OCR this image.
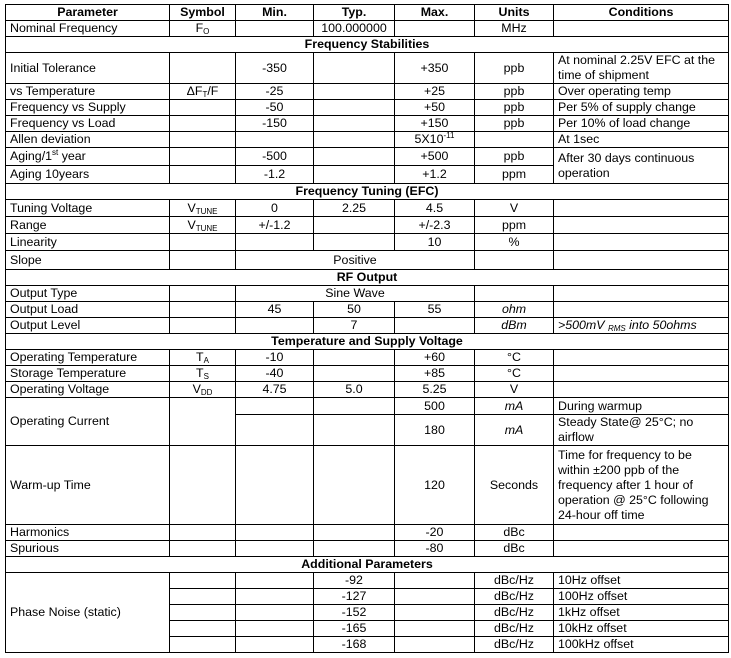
Parameter	Symbol	Min.	Typ.	Max.	Units	Conditions
Nominal Frequency	$F_O$		100.000000		MHz	
Frequency Stabilities						
Initial Tolerance		-350		+350	ppb	At nominal 2.25V EFC at the time of shipment
vs Temperature	$\Delta F_T/F$	-25		+25	ppb	Over operating temp
Frequency vs Supply		-50		+50	ppb	Per 5% of supply change
Frequency vs Load		-150		+150	ppb	Per 10% of load change
Allen deviation				$5X10^{-11}$		At 1sec
Aging/1st year		-500		+500	ppb	After 30 days continuous operation
Aging 10years		-1.2		+1.2	ppm	
Frequency Tuning (EFC)						
Tuning Voltage	$V_{TUNE}$	0	2.25	4.5	V	
Range	$V_{TUNE}$	+/-1.2		+/-2.3	ppm	
Linearity				10	%	
Slope		Positive				
RF Output						
Output Type		Sine Wave				
Output Load		45	50	55	ohm	
Output Level			7		dBm	>500mV $_{RMS}$ into 50ohms
Temperature and Supply Voltage						
Operating Temperature	$T_A$	-10		+60	°C	
Storage Temperature	$T_S$	-40		+85	°C	
Operating Voltage	$V_{DD}$	4.75	5.0	5.25	V	
Operating Current				500	mA	During warmup
				180	mA	Steady State@ 25°C; no airflow
Warm-up Time				120	Seconds	Time for frequency to be within ±200 ppb of the frequency after 1 hour of operation @ 25°C following 24-hour off time
Harmonics				-20	dBc	
Spurious				-80	dBc	
Additional Parameters						
Phase Noise (static)			-92		dBc/Hz	10Hz offset
			-127		dBc/Hz	100Hz offset
			-152		dBc/Hz	1kHz offset
			-165		dBc/Hz	10kHz offset
			-168		dBc/Hz	100kHz offset
